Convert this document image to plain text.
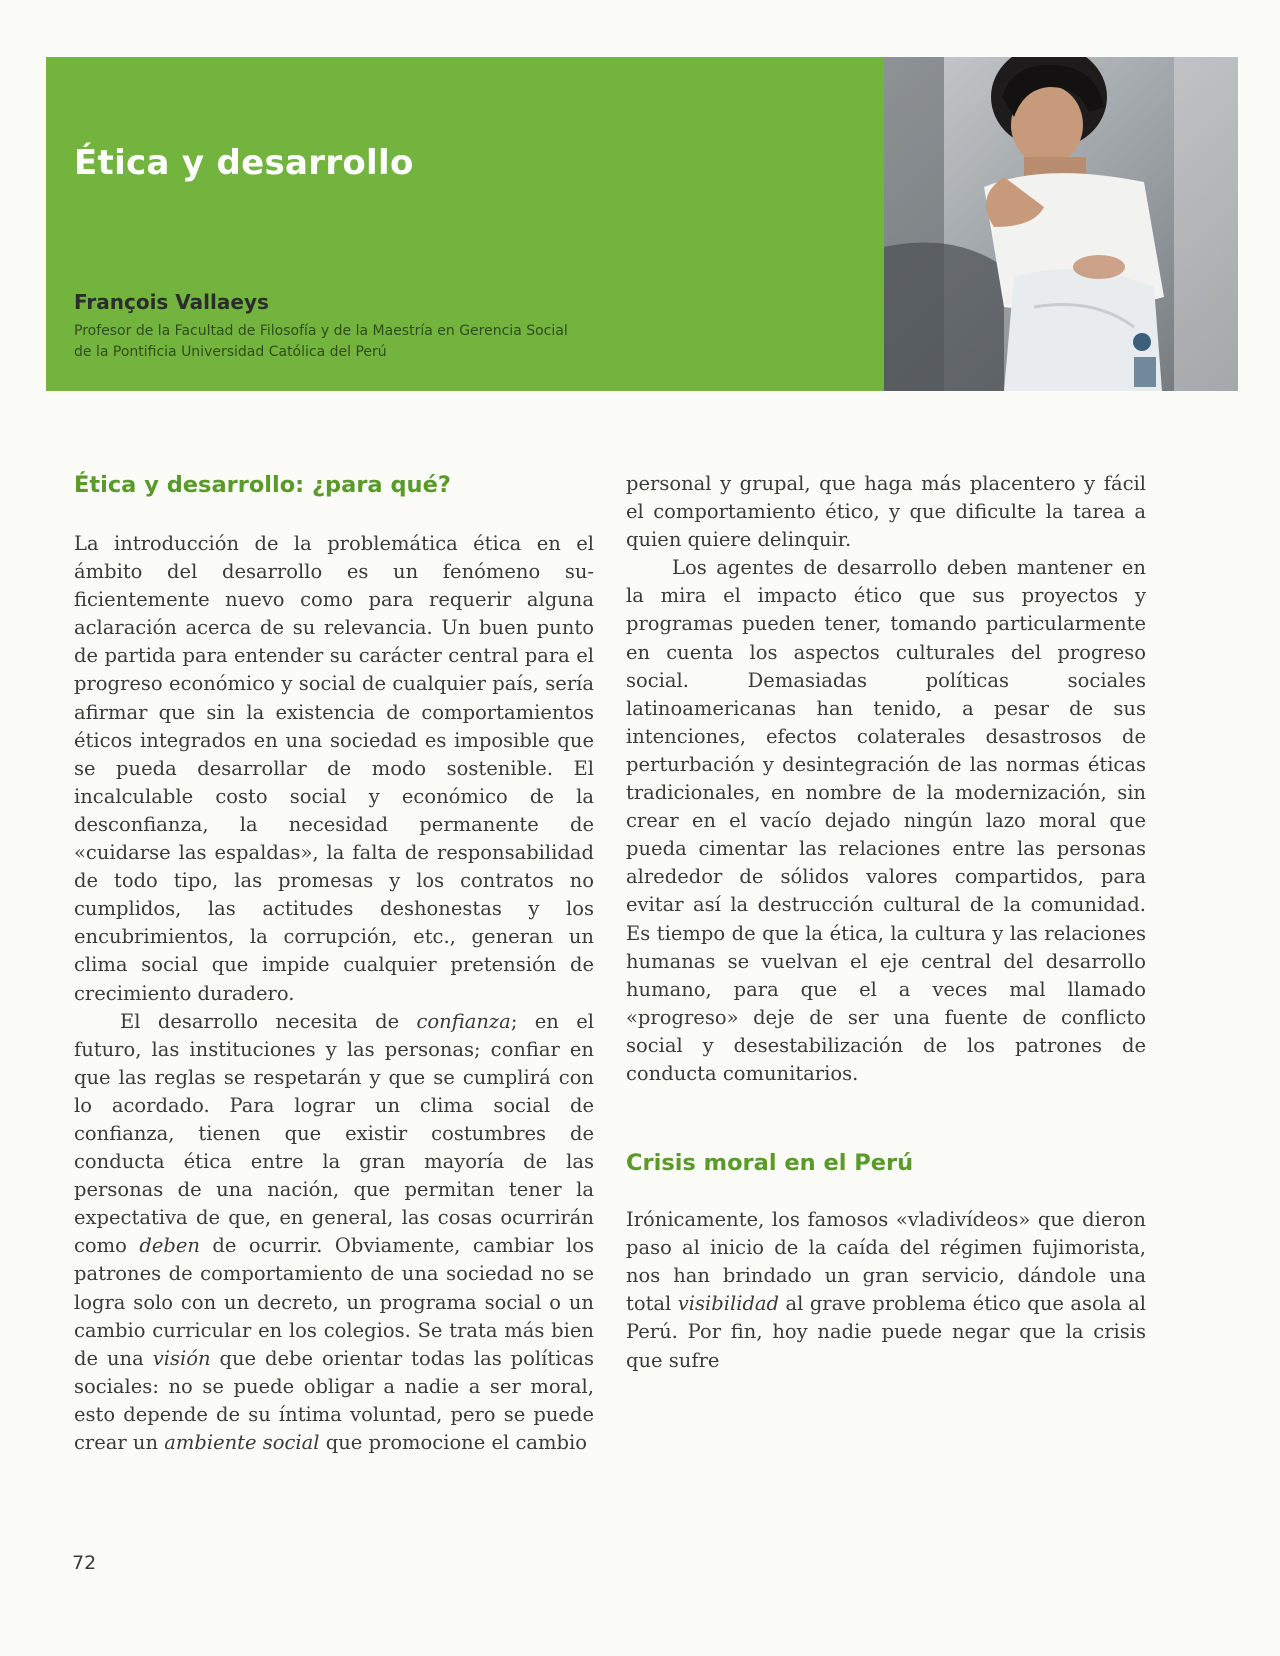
Ética y desarrollo
François Vallaeys

Profesor de la Facultad de Filosofía y de la Maestría en Gerencia Social
de la Pontificia Universidad Católica del Perú

Ética y desarrollo: ¿para qué?

La introducción de la problemática ética en el ámbito del desarrollo es un fenómeno suficientemente nuevo como para requerir alguna aclaración acerca de su relevancia. Un buen punto de partida para entender su carácter central para el progreso económico y social de cualquier país, sería afirmar que sin la existencia de comportamientos éticos integrados en una sociedad es imposible que se pueda desarrollar de modo sostenible. El incalculable costo social y económico de la desconfianza, la necesidad permanente de «cuidarse las espaldas», la falta de responsabilidad de todo tipo, las promesas y los contratos no cumplidos, las actitudes deshonestas y los encubrimientos, la corrupción, etc., generan un clima social que impide cualquier pretensión de crecimiento duradero.

El desarrollo necesita de confianza; en el futuro, las instituciones y las personas; confiar en que las reglas se respetarán y que se cumplirá con lo acordado. Para lograr un clima social de confianza, tienen que existir costumbres de conducta ética entre la gran mayoría de las personas de una nación, que permitan tener la expectativa de que, en general, las cosas ocurrirán como deben de ocurrir. Obviamente, cambiar los patrones de comportamiento de una sociedad no se logra solo con un decreto, un programa social o un cambio curricular en los colegios. Se trata más bien de una visión que debe orientar todas las políticas sociales: no se puede obligar a nadie a ser moral, esto depende de su íntima voluntad, pero se puede crear un ambiente social que promocione el cambio

personal y grupal, que haga más placentero y fácil el comportamiento ético, y que dificulte la tarea a quien quiere delinquir.

Los agentes de desarrollo deben mantener en la mira el impacto ético que sus proyectos y programas pueden tener, tomando particularmente en cuenta los aspectos culturales del progreso social. Demasiadas políticas sociales latinoamericanas han tenido, a pesar de sus intenciones, efectos colaterales desastrosos de perturbación y desintegración de las normas éticas tradicionales, en nombre de la modernización, sin crear en el vacío dejado ningún lazo moral que pueda cimentar las relaciones entre las personas alrededor de sólidos valores compartidos, para evitar así la destrucción cultural de la comunidad. Es tiempo de que la ética, la cultura y las relaciones humanas se vuelvan el eje central del desarrollo humano, para que el a veces mal llamado «progreso» deje de ser una fuente de conflicto social y desestabilización de los patrones de conducta comunitarios.

Crisis moral en el Perú

Irónicamente, los famosos «vladivídeos» que dieron paso al inicio de la caída del régimen fujimorista, nos han brindado un gran servicio, dándole una total visibilidad al grave problema ético que asola al Perú. Por fin, hoy nadie puede negar que la crisis que sufre

72
